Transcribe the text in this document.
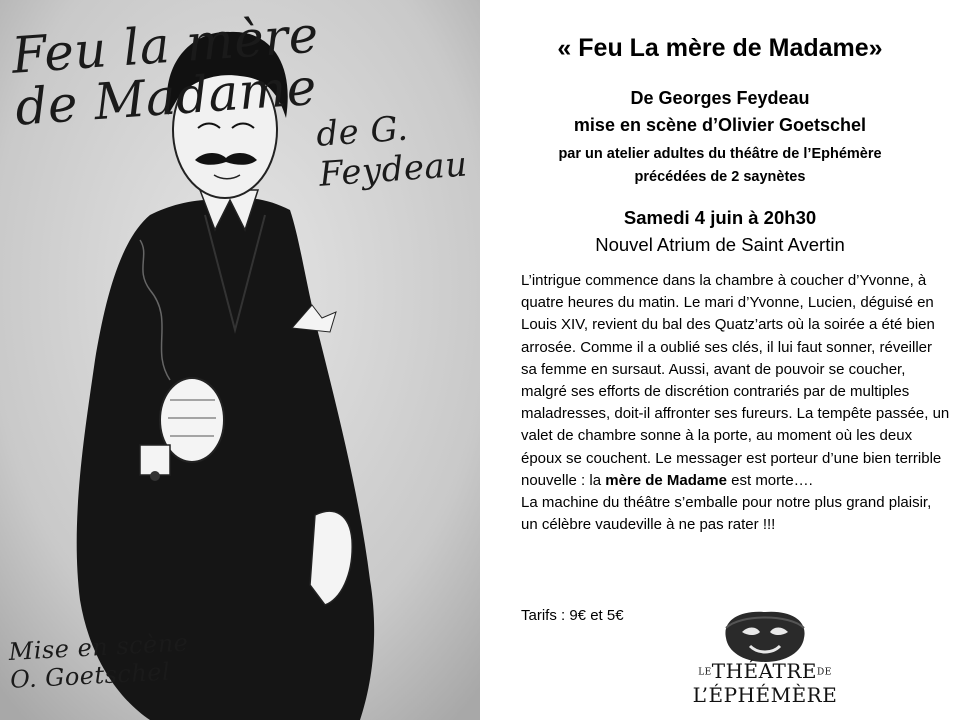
Feu la mère
de Madame
de G. Feydeau
Mise en scène
O. Goetschel
« Feu La mère de Madame»
De Georges Feydeau
mise en scène d’Olivier Goetschel
par un atelier adultes du théâtre de l’Ephémère
précédées de 2 saynètes
Samedi 4 juin à 20h30
Nouvel Atrium de Saint Avertin
L’intrigue commence dans la chambre à coucher d’Yvonne, à quatre heures du matin. Le mari d’Yvonne, Lucien, déguisé en Louis XIV, revient du bal des Quatz’arts où la soirée a été bien arrosée. Comme il a oublié ses clés, il lui faut sonner, réveiller sa femme en sursaut. Aussi, avant de pouvoir se coucher, malgré ses efforts de discrétion contrariés par de multiples maladresses, doit-il affronter ses fureurs. La tempête passée, un valet de chambre sonne à la porte, au moment où les deux époux se couchent. Le messager est porteur d’une bien terrible nouvelle : la mère de Madame est morte….
La machine du théâtre s’emballe pour notre plus grand plaisir, un célèbre vaudeville à ne pas rater !!!
Tarifs : 9€ et 5€
LETHÉATREDE
L’ÉPHÉMÈRE
